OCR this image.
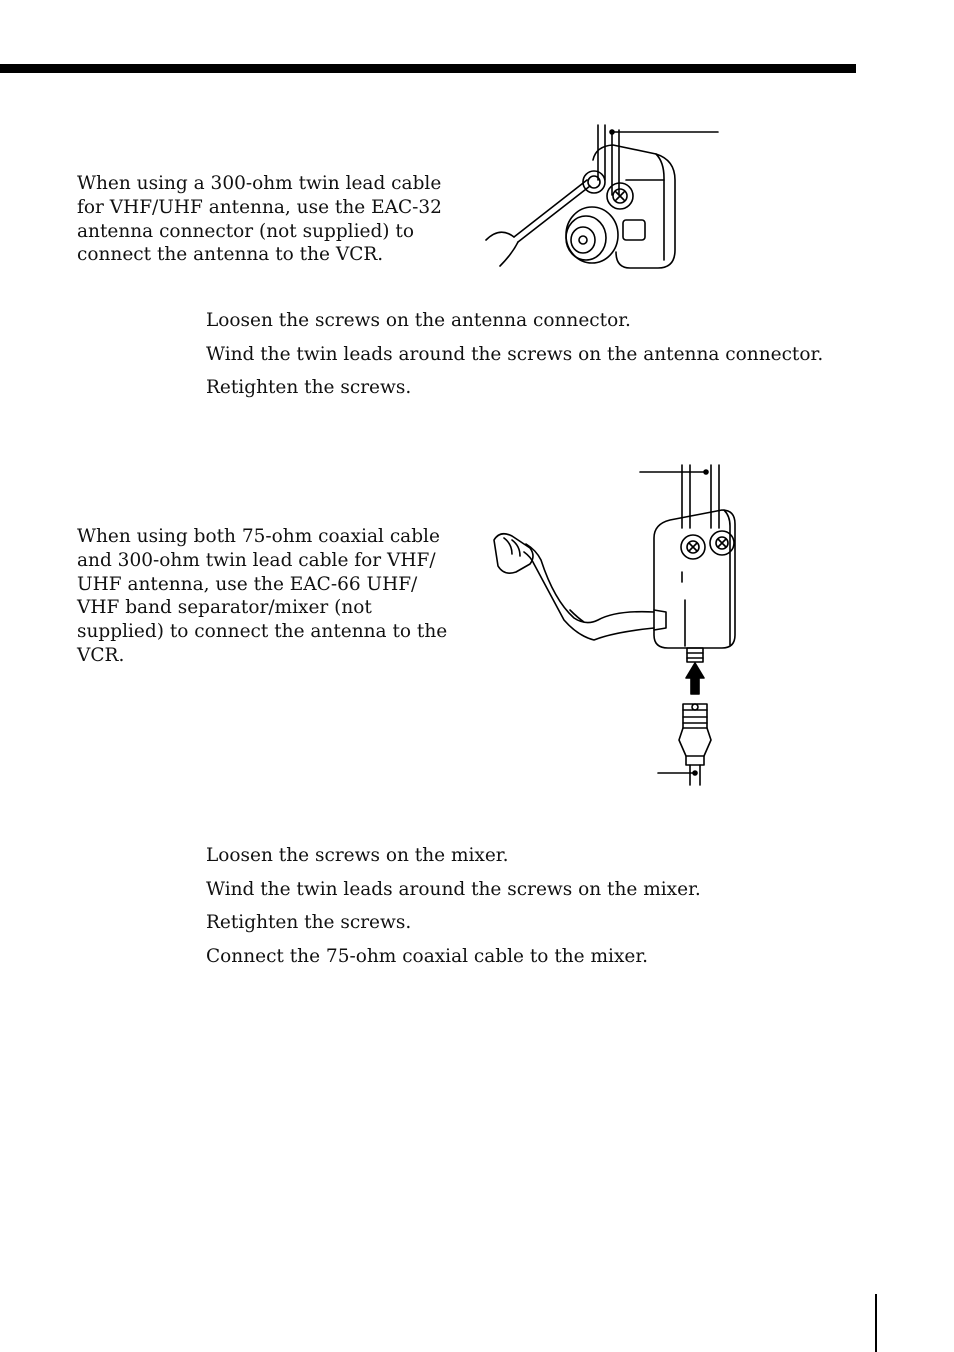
When using a 300-ohm twin lead cable
for VHF/UHF antenna, use the EAC-32
antenna connector (not supplied) to
connect the antenna to the VCR.

Loosen the screws on the antenna connector.
Wind the twin leads around the screws on the antenna connector.
Retighten the screws.

When using both 75-ohm coaxial cable
and 300-ohm twin lead cable for VHF/
UHF antenna, use the EAC-66 UHF/
VHF band separator/mixer (not
supplied) to connect the antenna to the
VCR.

Loosen the screws on the mixer.
Wind the twin leads around the screws on the mixer.
Retighten the screws.
Connect the 75-ohm coaxial cable to the mixer.
